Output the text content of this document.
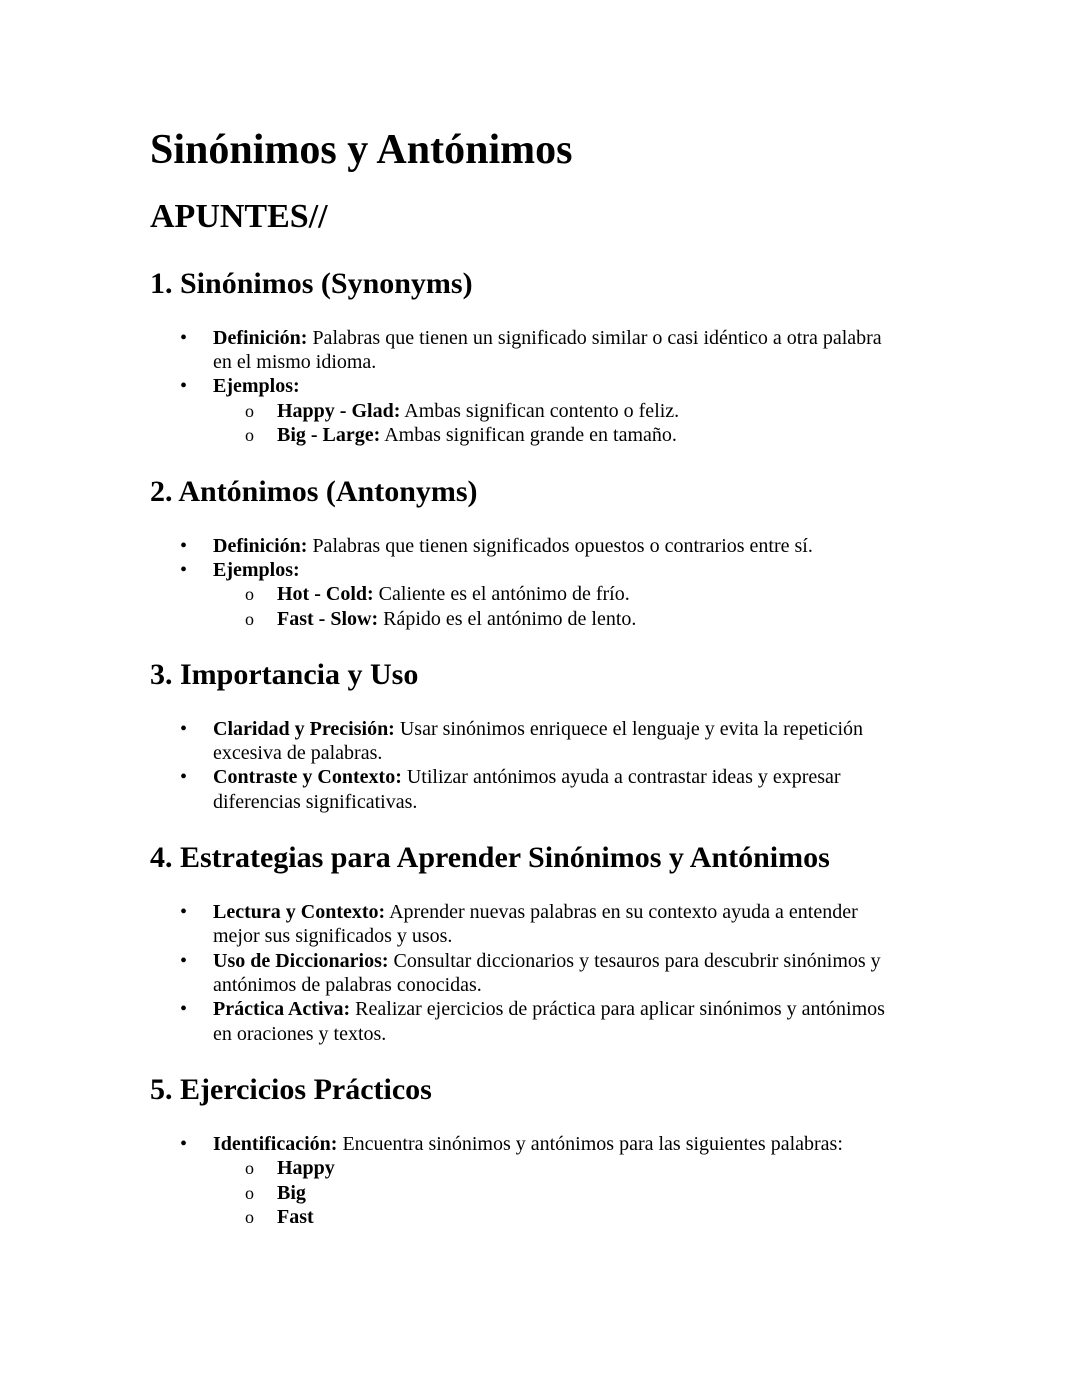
Sinónimos y Antónimos
APUNTES//
1. Sinónimos (Synonyms)
• Definición: Palabras que tienen un significado similar o casi idéntico a otra palabra
en el mismo idioma.
• Ejemplos:
o Happy - Glad: Ambas significan contento o feliz.
o Big - Large: Ambas significan grande en tamaño.
2. Antónimos (Antonyms)
• Definición: Palabras que tienen significados opuestos o contrarios entre sí.
• Ejemplos:
o Hot - Cold: Caliente es el antónimo de frío.
o Fast - Slow: Rápido es el antónimo de lento.
3. Importancia y Uso
• Claridad y Precisión: Usar sinónimos enriquece el lenguaje y evita la repetición
excesiva de palabras.
• Contraste y Contexto: Utilizar antónimos ayuda a contrastar ideas y expresar
diferencias significativas.
4. Estrategias para Aprender Sinónimos y Antónimos
• Lectura y Contexto: Aprender nuevas palabras en su contexto ayuda a entender
mejor sus significados y usos.
• Uso de Diccionarios: Consultar diccionarios y tesauros para descubrir sinónimos y
antónimos de palabras conocidas.
• Práctica Activa: Realizar ejercicios de práctica para aplicar sinónimos y antónimos
en oraciones y textos.
5. Ejercicios Prácticos
• Identificación: Encuentra sinónimos y antónimos para las siguientes palabras:
o Happy
o Big
o Fast
